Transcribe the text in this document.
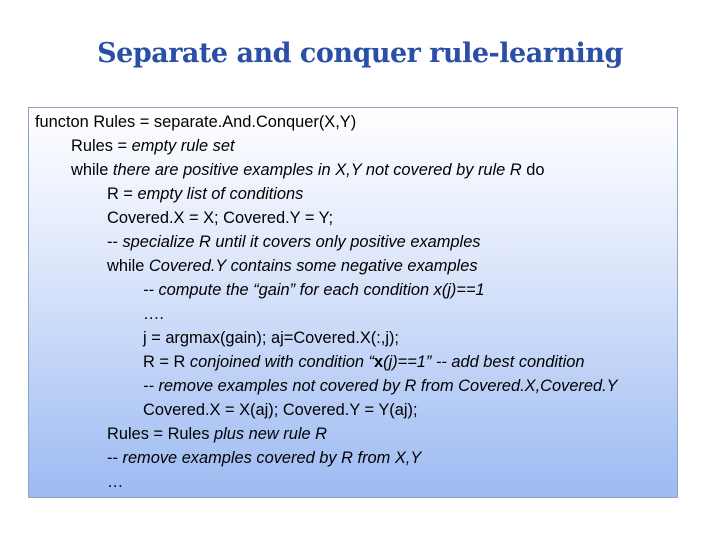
Separate and conquer rule-learning
functon Rules = separate.And.Conquer(X,Y)
Rules = empty rule set
while there are positive examples in X,Y not covered by rule R do
R = empty list of conditions
Covered.X = X; Covered.Y = Y;
-- specialize R until it covers only positive examples
while Covered.Y contains some negative examples
-- compute the “gain” for each condition x(j)==1
….
j = argmax(gain); aj=Covered.X(:,j);
R = R conjoined with condition “x(j)==1” -- add best condition
-- remove examples not covered by R from Covered.X,Covered.Y
Covered.X = X(aj); Covered.Y = Y(aj);
Rules = Rules plus new rule R
-- remove examples covered by R from X,Y
…
